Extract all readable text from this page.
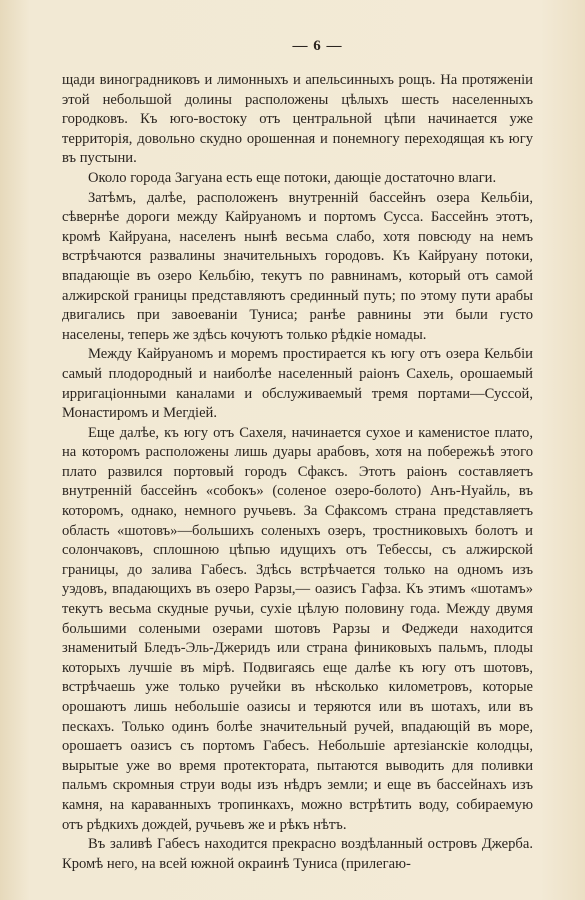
— 6 —

щади виноградниковъ и лимонныхъ и апельсинныхъ рощъ. На протяженіи этой небольшой долины расположены цѣлыхъ шесть населенныхъ городковъ. Къ юго-востоку отъ центральной цѣпи начинается уже территорія, довольно скудно орошенная и понемногу переходящая къ югу въ пустыни.

Около города Загуана есть еще потоки, дающіе достаточно влаги.

Затѣмъ, далѣе, расположенъ внутренній бассейнъ озера Кельбіи, сѣвернѣе дороги между Кайруаномъ и портомъ Сусса. Бассейнъ этотъ, кромѣ Кайруана, населенъ нынѣ весьма слабо, хотя повсюду на немъ встрѣчаются развалины значительныхъ городовъ. Къ Кайруану потоки, впадающіе въ озеро Кельбію, текутъ по равнинамъ, который отъ самой алжирской границы представляютъ срединный путь; по этому пути арабы двигались при завоеваніи Туниса; ранѣе равнины эти были густо населены, теперь же здѣсь кочуютъ только рѣдкіе номады.

Между Кайруаномъ и моремъ простирается къ югу отъ озера Кельбіи самый плодородный и наиболѣе населенный раіонъ Сахель, орошаемый ирригаціонными каналами и обслуживаемый тремя портами—Суссой, Монастиромъ и Мегдіей.

Еще далѣе, къ югу отъ Сахеля, начинается сухое и каменистое плато, на которомъ расположены лишь дуары арабовъ, хотя на побережьѣ этого плато развился портовый городъ Сфаксъ. Этотъ раіонъ составляетъ внутренній бассейнъ «собокъ» (соленое озеро-болото) Анъ-Нуайль, въ которомъ, однако, немного ручьевъ. За Сфаксомъ страна представляетъ область «шотовъ»—большихъ соленыхъ озеръ, тростниковыхъ болотъ и солончаковъ, сплошною цѣпью идущихъ отъ Тебессы, съ алжирской границы, до залива Габесъ. Здѣсь встрѣчается только на одномъ изъ уэдовъ, впадающихъ въ озеро Рарзы,— оазисъ Гафза. Къ этимъ «шотамъ» текутъ весьма скудные ручьи, сухіе цѣлую половину года. Между двумя большими солеными озерами шотовъ Рарзы и Феджеди находится знаменитый Бледъ-Эль-Джеридъ или страна финиковыхъ пальмъ, плоды которыхъ лучшіе въ мірѣ. Подвигаясь еще далѣе къ югу отъ шотовъ, встрѣчаешь уже только ручейки въ нѣсколько километровъ, которые орошаютъ лишь небольшіе оазисы и теряются или въ шотахъ, или въ пескахъ. Только одинъ болѣе значительный ручей, впадающій въ море, орошаетъ оазисъ съ портомъ Габесъ. Небольшіе артезіанскіе колодцы, вырытые уже во время протектората, пытаются выводить для поливки пальмъ скромныя струи воды изъ нѣдръ земли; и еще въ бассейнахъ изъ камня, на караванныхъ тропинкахъ, можно встрѣтить воду, собираемую отъ рѣдкихъ дождей, ручьевъ же и рѣкъ нѣтъ.

Въ заливѣ Габесъ находится прекрасно воздѣланный островъ Джерба. Кромѣ него, на всей южной окраинѣ Туниса (прилегаю-
